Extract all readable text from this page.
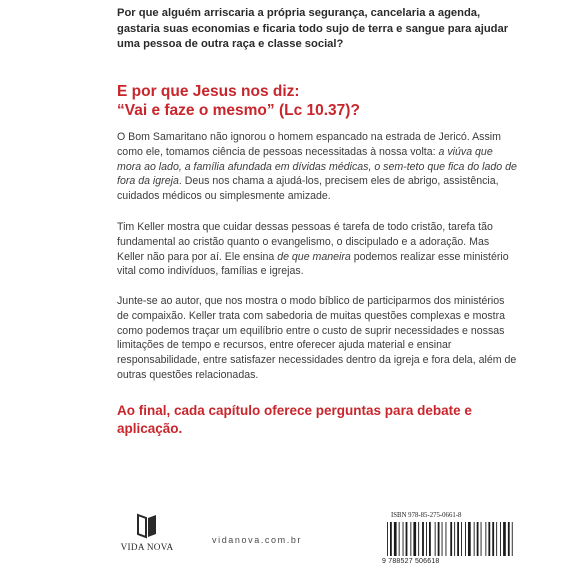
Por que alguém arriscaria a própria segurança, cancelaria a agenda, gastaria suas economias e ficaria todo sujo de terra e sangue para ajudar uma pessoa de outra raça e classe social?

E por que Jesus nos diz:
“Vai e faze o mesmo” (Lc 10.37)?

O Bom Samaritano não ignorou o homem espancado na estrada de Jericó. Assim como ele, tomamos ciência de pessoas necessitadas à nossa volta: a viúva que mora ao lado, a família afundada em dívidas médicas, o sem-teto que fica do lado de fora da igreja. Deus nos chama a ajudá-los, precisem eles de abrigo, assistência, cuidados médicos ou simplesmente amizade.

Tim Keller mostra que cuidar dessas pessoas é tarefa de todo cristão, tarefa tão fundamental ao cristão quanto o evangelismo, o discipulado e a adoração. Mas Keller não para por aí. Ele ensina de que maneira podemos realizar esse ministério vital como indivíduos, famílias e igrejas.

Junte-se ao autor, que nos mostra o modo bíblico de participarmos dos ministérios de compaixão. Keller trata com sabedoria de muitas questões complexas e mostra como podemos traçar um equilíbrio entre o custo de suprir necessidades e nossas limitações de tempo e recursos, entre oferecer ajuda material e ensinar responsabilidade, entre satisfazer necessidades dentro da igreja e fora dela, além de outras questões relacionadas.

Ao final, cada capítulo oferece perguntas para debate e aplicação.

VIDA NOVA
vidanova.com.br
ISBN 978-85-275-0661-8
9 788527 506618
